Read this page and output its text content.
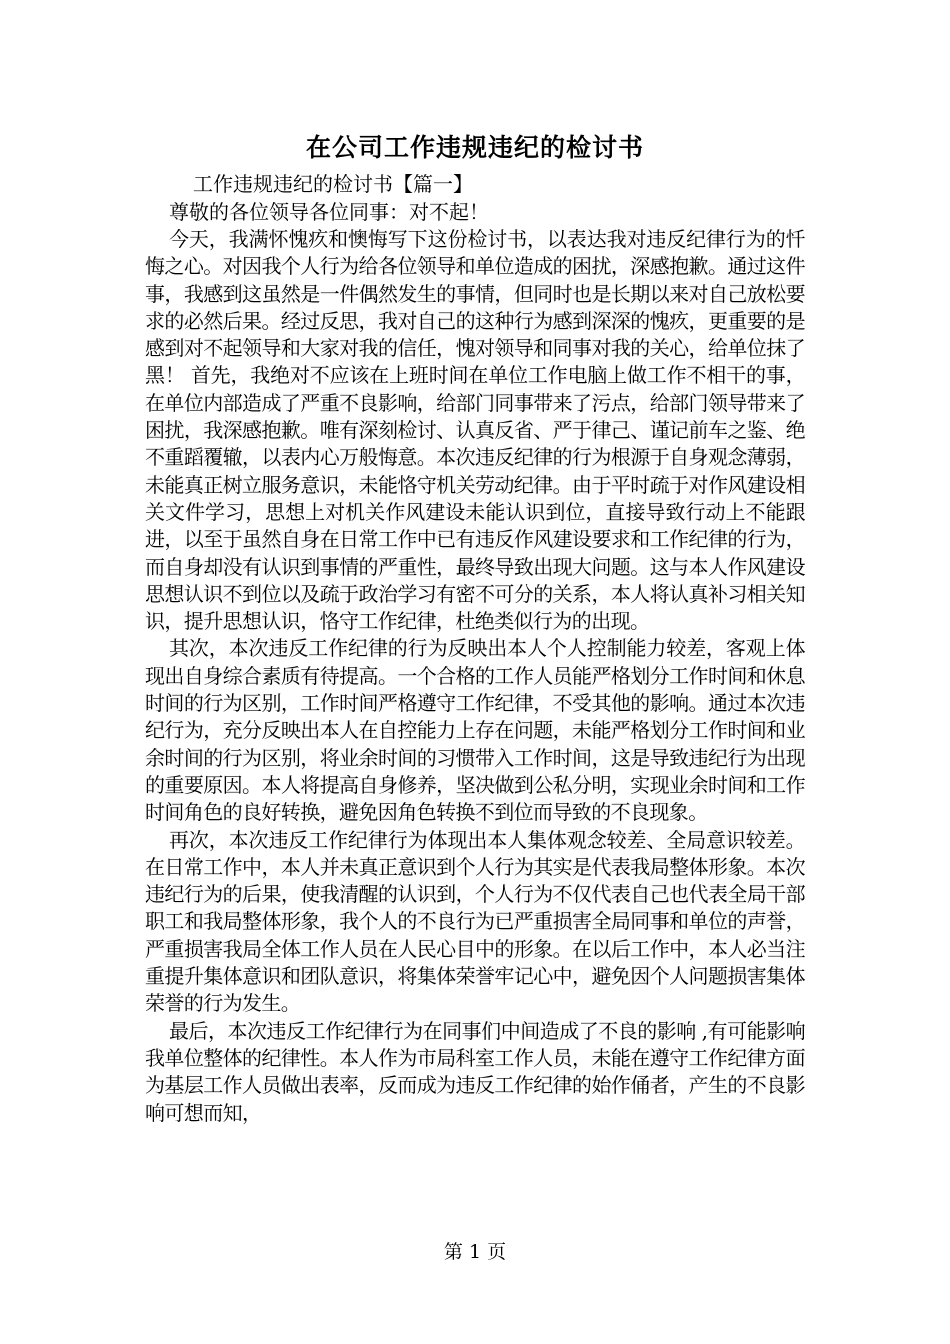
在公司工作违规违纪的检讨书

工作违规违纪的检讨书【篇一】

尊敬的各位领导各位同事：对不起！

今天，我满怀愧疚和懊悔写下这份检讨书，以表达我对违反纪律行为的忏悔之心。对因我个人行为给各位领导和单位造成的困扰，深感抱歉。通过这件事，我感到这虽然是一件偶然发生的事情，但同时也是长期以来对自己放松要求的必然后果。经过反思，我对自己的这种行为感到深深的愧疚，更重要的是感到对不起领导和大家对我的信任，愧对领导和同事对我的关心，给单位抹了黑！ 首先，我绝对不应该在上班时间在单位工作电脑上做工作不相干的事，在单位内部造成了严重不良影响，给部门同事带来了污点，给部门领导带来了困扰，我深感抱歉。唯有深刻检讨、认真反省、严于律己、谨记前车之鉴、绝不重蹈覆辙，以表内心万般悔意。本次违反纪律的行为根源于自身观念薄弱，未能真正树立服务意识，未能恪守机关劳动纪律。由于平时疏于对作风建设相关文件学习，思想上对机关作风建设未能认识到位，直接导致行动上不能跟进，以至于虽然自身在日常工作中已有违反作风建设要求和工作纪律的行为，而自身却没有认识到事情的严重性，最终导致出现大问题。这与本人作风建设思想认识不到位以及疏于政治学习有密不可分的关系，本人将认真补习相关知识，提升思想认识，恪守工作纪律，杜绝类似行为的出现。

其次，本次违反工作纪律的行为反映出本人个人控制能力较差，客观上体现出自身综合素质有待提高。一个合格的工作人员能严格划分工作时间和休息时间的行为区别，工作时间严格遵守工作纪律，不受其他的影响。通过本次违纪行为，充分反映出本人在自控能力上存在问题，未能严格划分工作时间和业余时间的行为区别，将业余时间的习惯带入工作时间，这是导致违纪行为出现的重要原因。本人将提高自身修养，坚决做到公私分明，实现业余时间和工作时间角色的良好转换，避免因角色转换不到位而导致的不良现象。

再次，本次违反工作纪律行为体现出本人集体观念较差、全局意识较差。在日常工作中，本人并未真正意识到个人行为其实是代表我局整体形象。本次违纪行为的后果，使我清醒的认识到，个人行为不仅代表自己也代表全局干部职工和我局整体形象，我个人的不良行为已严重损害全局同事和单位的声誉，严重损害我局全体工作人员在人民心目中的形象。在以后工作中，本人必当注重提升集体意识和团队意识，将集体荣誉牢记心中，避免因个人问题损害集体荣誉的行为发生。

最后，本次违反工作纪律行为在同事们中间造成了不良的影响 ,有可能影响我单位整体的纪律性。本人作为市局科室工作人员，未能在遵守工作纪律方面为基层工作人员做出表率，反而成为违反工作纪律的始作俑者，产生的不良影响可想而知，

第 1 页
